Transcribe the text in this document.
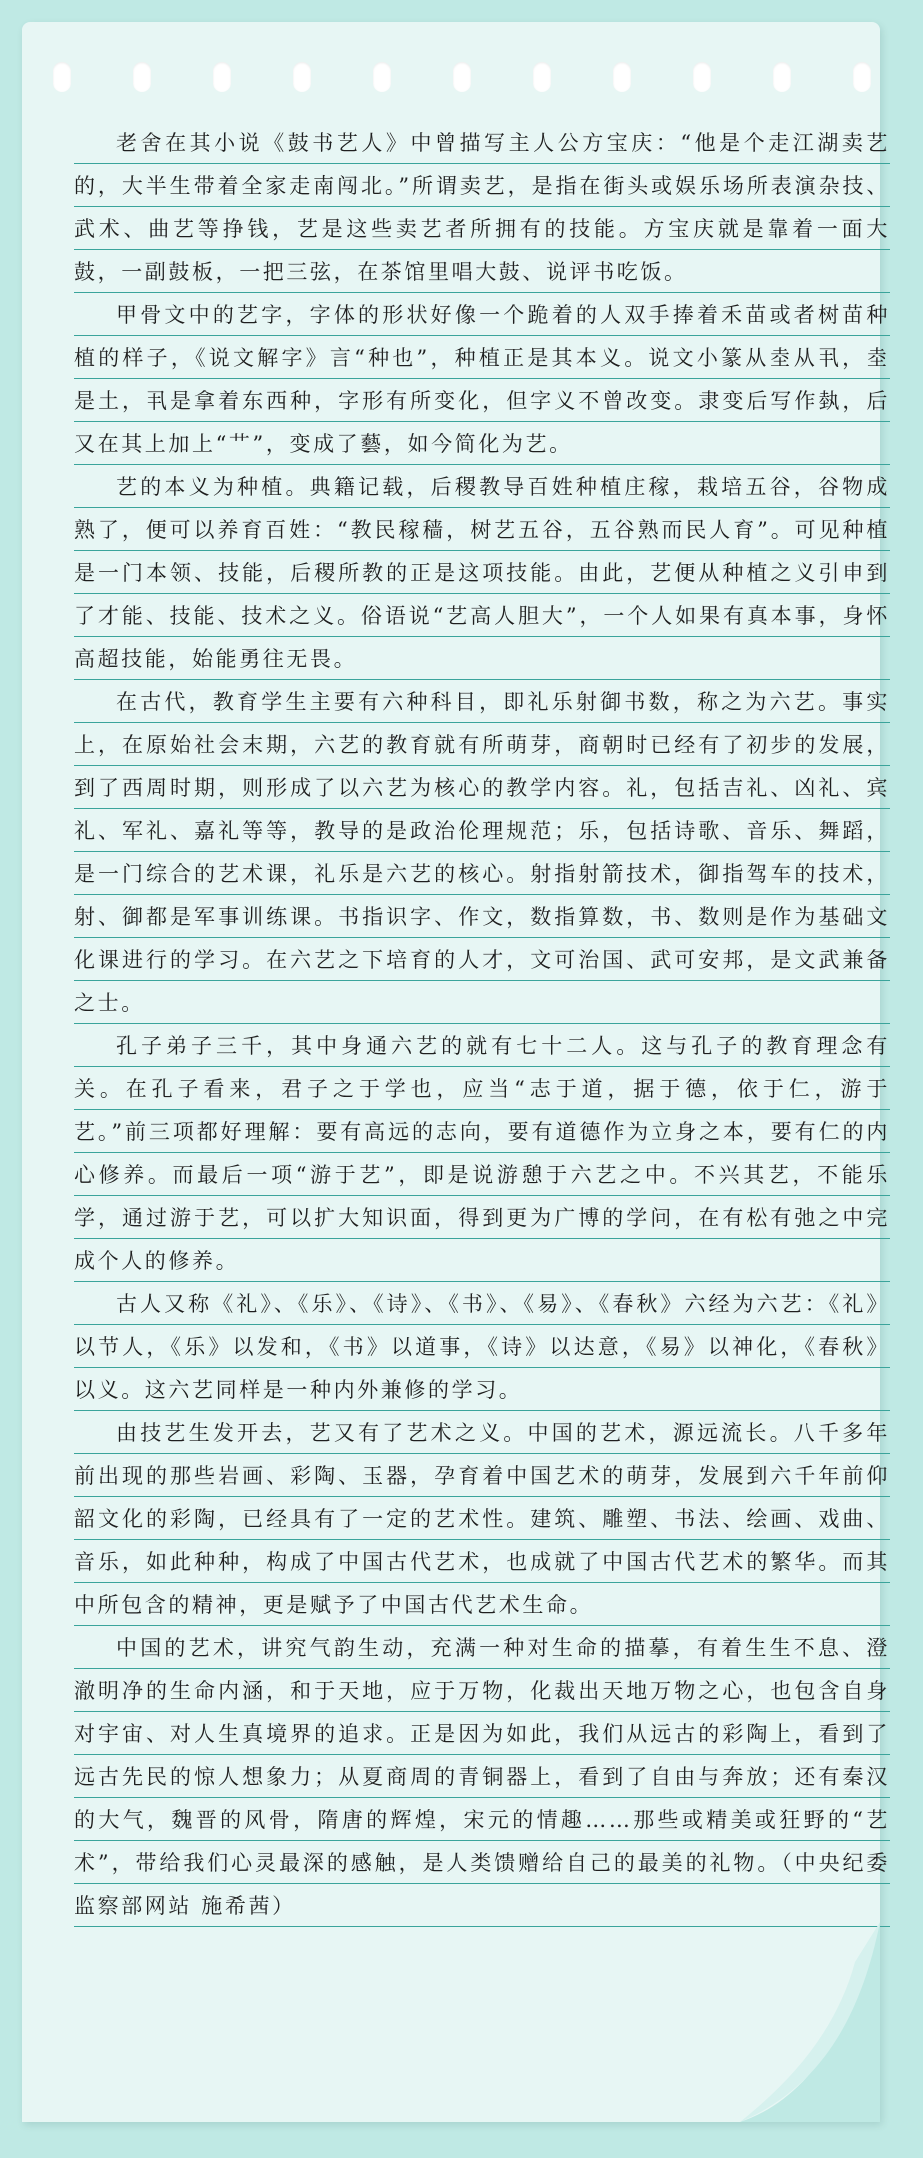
老舍在其小说《鼓书艺人》中曾描写主人公方宝庆：“他是个走江湖卖艺的，大半生带着全家走南闯北。”所谓卖艺，是指在街头或娱乐场所表演杂技、武术、曲艺等挣钱，艺是这些卖艺者所拥有的技能。方宝庆就是靠着一面大鼓，一副鼓板，一把三弦，在茶馆里唱大鼓、说评书吃饭。

甲骨文中的艺字，字体的形状好像一个跪着的人双手捧着禾苗或者树苗种植的样子，《说文解字》言“种也”，种植正是其本义。说文小篆从坴从丮，坴是土，丮是拿着东西种，字形有所变化，但字义不曾改变。隶变后写作埶，后又在其上加上“艹”，变成了藝，如今简化为艺。

艺的本义为种植。典籍记载，后稷教导百姓种植庄稼，栽培五谷，谷物成熟了，便可以养育百姓：“教民稼穑，树艺五谷，五谷熟而民人育”。可见种植是一门本领、技能，后稷所教的正是这项技能。由此，艺便从种植之义引申到了才能、技能、技术之义。俗语说“艺高人胆大”，一个人如果有真本事，身怀高超技能，始能勇往无畏。

在古代，教育学生主要有六种科目，即礼乐射御书数，称之为六艺。事实上，在原始社会末期，六艺的教育就有所萌芽，商朝时已经有了初步的发展，到了西周时期，则形成了以六艺为核心的教学内容。礼，包括吉礼、凶礼、宾礼、军礼、嘉礼等等，教导的是政治伦理规范；乐，包括诗歌、音乐、舞蹈，是一门综合的艺术课，礼乐是六艺的核心。射指射箭技术，御指驾车的技术，射、御都是军事训练课。书指识字、作文，数指算数，书、数则是作为基础文化课进行的学习。在六艺之下培育的人才，文可治国、武可安邦，是文武兼备之士。

孔子弟子三千，其中身通六艺的就有七十二人。这与孔子的教育理念有关。在孔子看来，君子之于学也，应当“志于道，据于德，依于仁，游于艺。”前三项都好理解：要有高远的志向，要有道德作为立身之本，要有仁的内心修养。而最后一项“游于艺”，即是说游憩于六艺之中。不兴其艺，不能乐学，通过游于艺，可以扩大知识面，得到更为广博的学问，在有松有弛之中完成个人的修养。

古人又称《礼》、《乐》、《诗》、《书》、《易》、《春秋》六经为六艺：《礼》以节人，《乐》以发和，《书》以道事，《诗》以达意，《易》以神化，《春秋》以义。这六艺同样是一种内外兼修的学习。

由技艺生发开去，艺又有了艺术之义。中国的艺术，源远流长。八千多年前出现的那些岩画、彩陶、玉器，孕育着中国艺术的萌芽，发展到六千年前仰韶文化的彩陶，已经具有了一定的艺术性。建筑、雕塑、书法、绘画、戏曲、音乐，如此种种，构成了中国古代艺术，也成就了中国古代艺术的繁华。而其中所包含的精神，更是赋予了中国古代艺术生命。

中国的艺术，讲究气韵生动，充满一种对生命的描摹，有着生生不息、澄澈明净的生命内涵，和于天地，应于万物，化裁出天地万物之心，也包含自身对宇宙、对人生真境界的追求。正是因为如此，我们从远古的彩陶上，看到了远古先民的惊人想象力；从夏商周的青铜器上，看到了自由与奔放；还有秦汉的大气，魏晋的风骨，隋唐的辉煌，宋元的情趣……那些或精美或狂野的“艺术”，带给我们心灵最深的感触，是人类馈赠给自己的最美的礼物。（中央纪委监察部网站 施希茜）
